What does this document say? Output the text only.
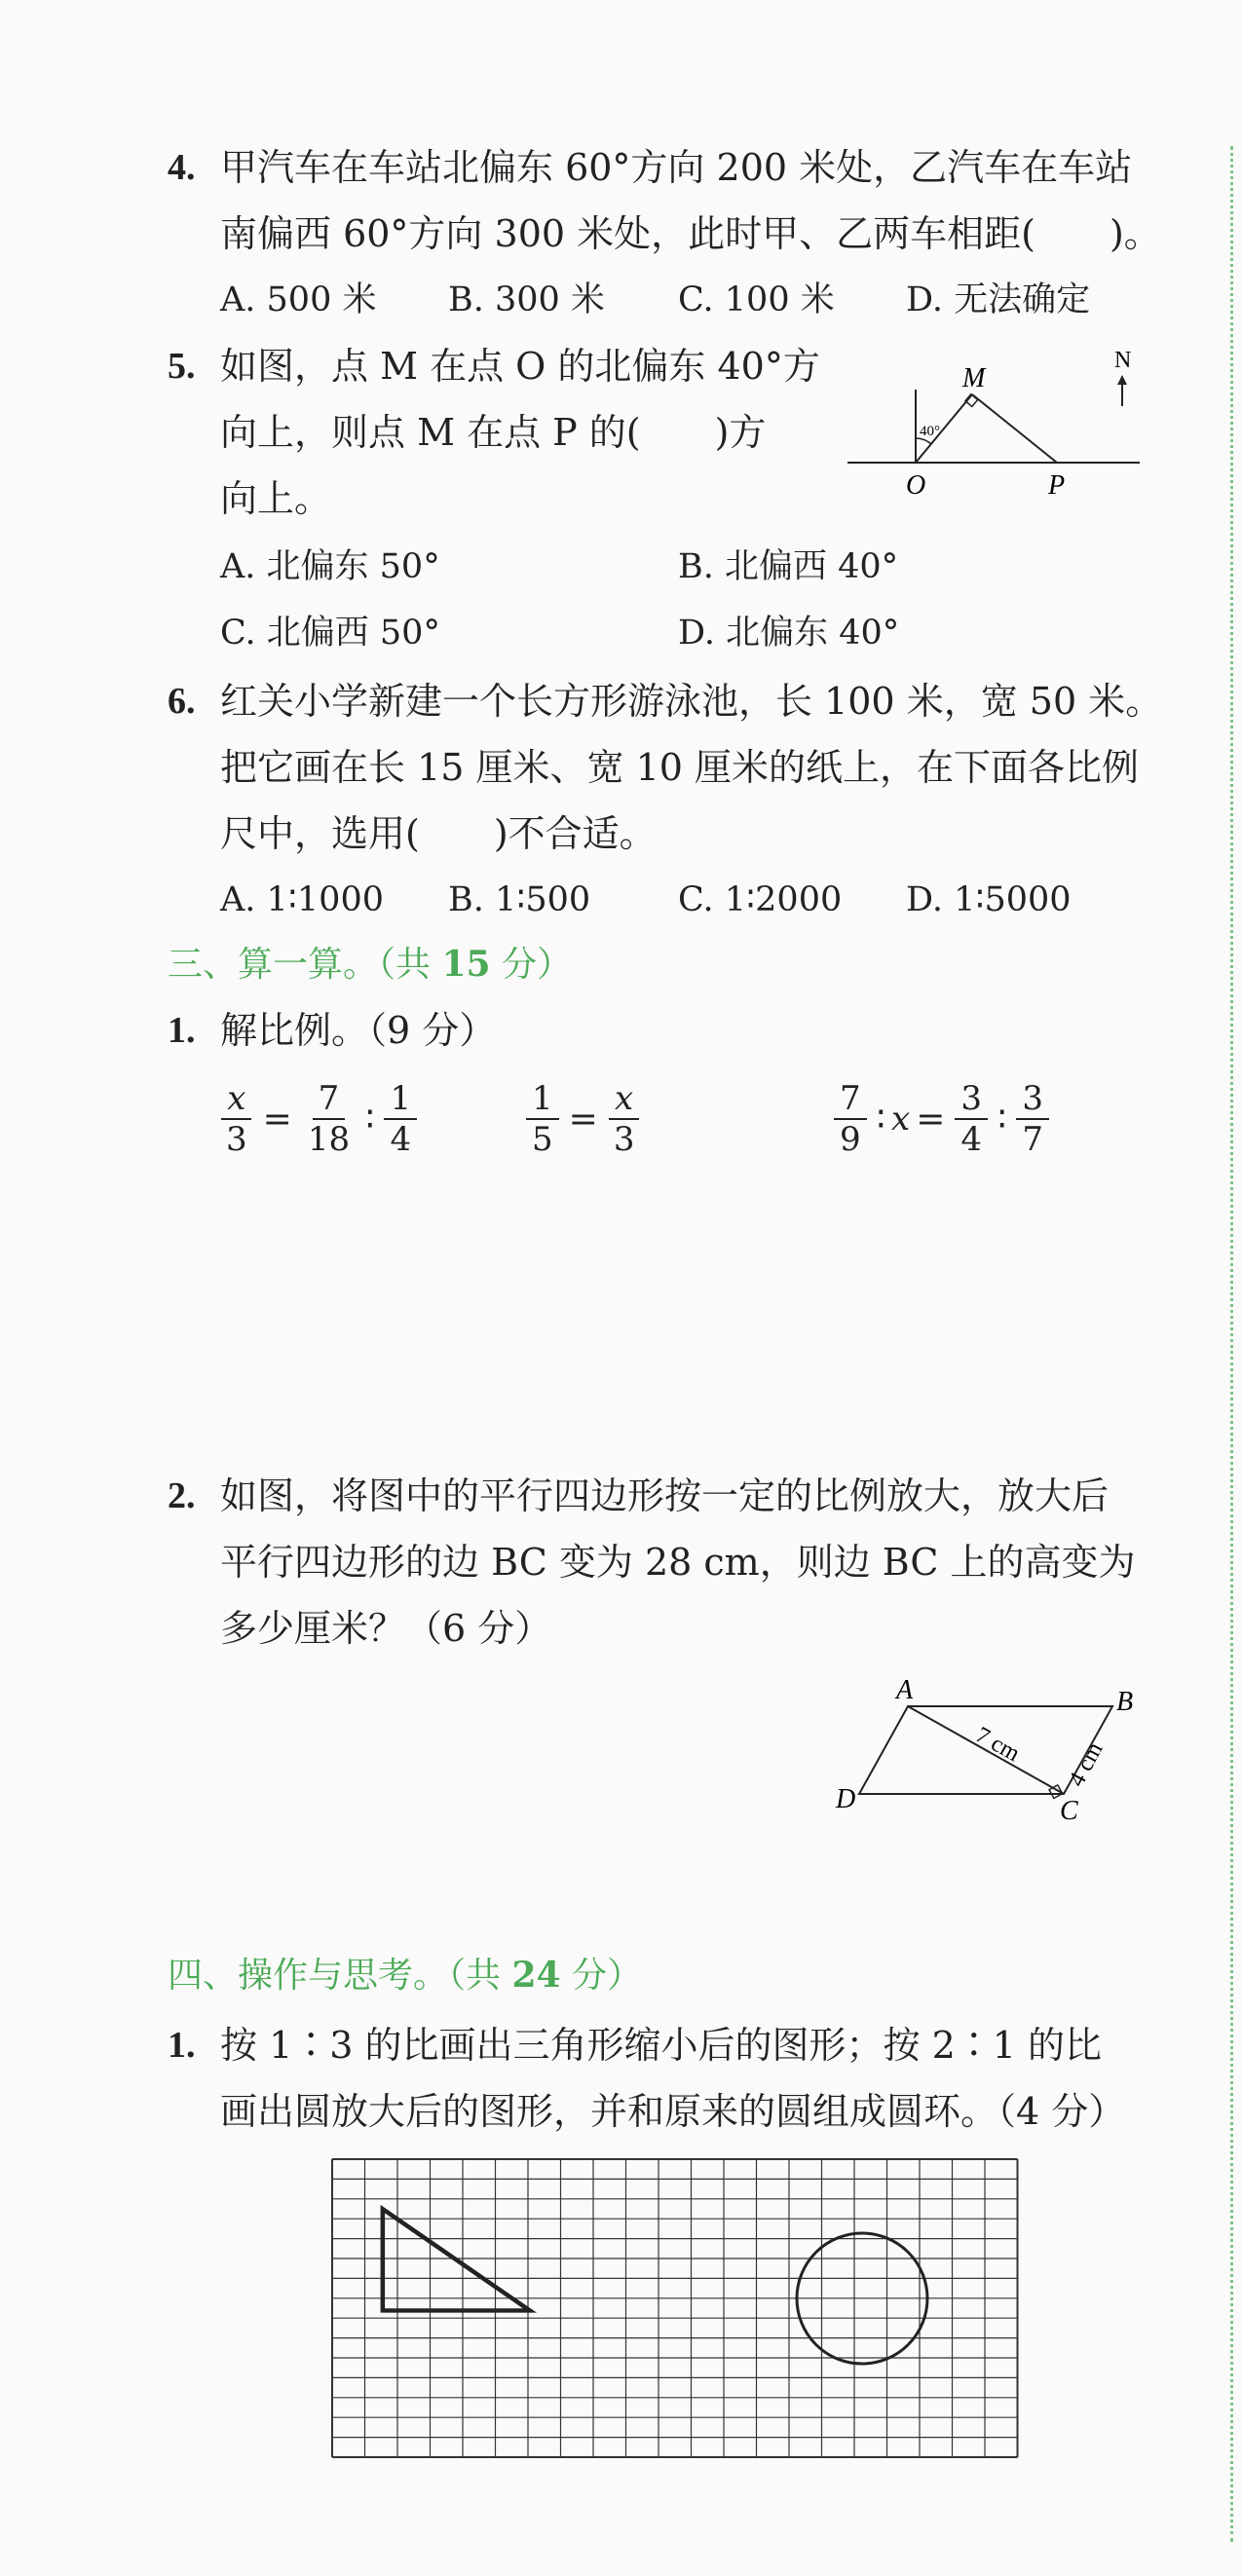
4. 甲汽车在车站北偏东 60°方向 200 米处，乙汽车在车站
南偏西 60°方向 300 米处，此时甲、乙两车相距(　　)。
A. 500 米 B. 300 米 C. 100 米 D. 无法确定
5. 如图，点 M 在点 O 的北偏东 40°方
向上，则点 M 在点 P 的(　　)方
向上。
40°
M
O	P
N
A. 北偏东 50°	B. 北偏西 40°
C. 北偏西 50°	D. 北偏东 40°
6. 红关小学新建一个长方形游泳池，长 100 米，宽 50 米。
把它画在长 15 厘米、宽 10 厘米的纸上，在下面各比例
尺中，选用(　　)不合适。
A. 1∶1000 B. 1∶500	C. 1∶2000 D. 1∶5000
三、算一算。（共 15 分）
1. 解比例。（9 分）
$\frac{x}{3} = \frac{7}{18}$ ∶ $\frac{1}{4}$	$\frac{1}{5} = \frac{x}{3}$	$\frac{7}{9}$ ∶ $x = \frac{3}{4}$ ∶ $\frac{3}{7}$
2. 如图，将图中的平行四边形按一定的比例放大，放大后
平行四边形的边 BC 变为 28 cm，则边 BC 上的高变为
多少厘米？（6 分）
A	B
C
D
7 cm 4 cm
四、操作与思考。（共 24 分）
1. 按 1∶3 的比画出三角形缩小后的图形；按 2∶1 的比
画出圆放大后的图形，并和原来的圆组成圆环。（4 分）
